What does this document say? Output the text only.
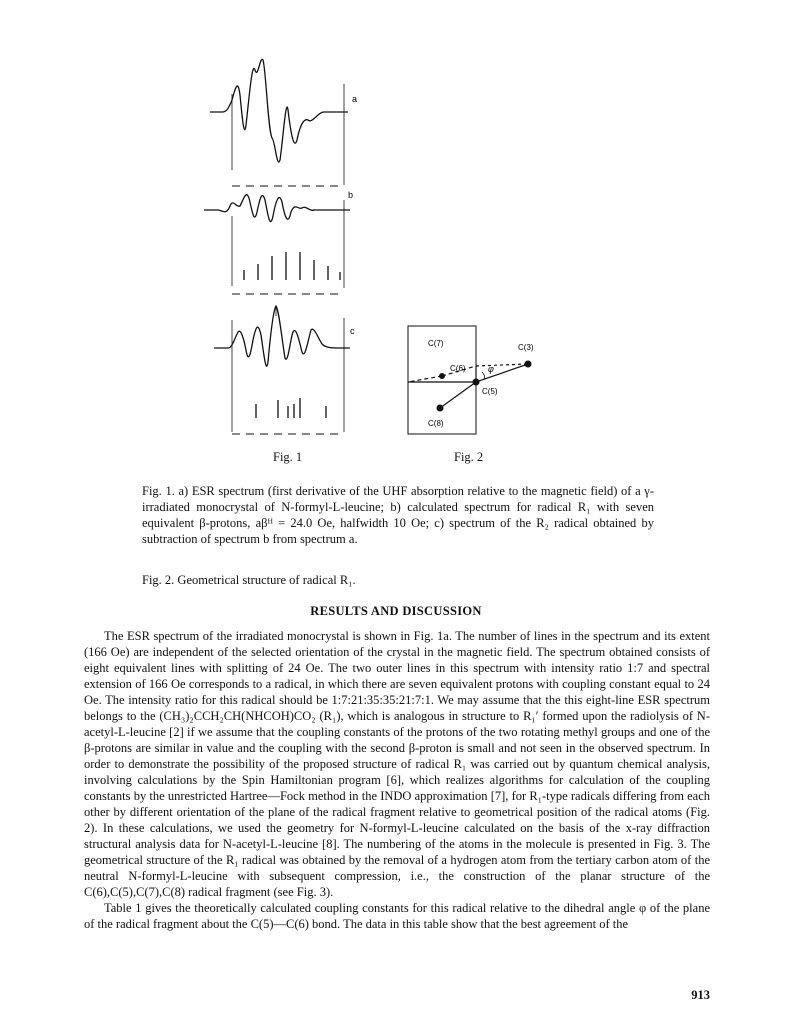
a
b
c
C(7)	C(3)
C(6)
C(5)
C(8)
φ
Fig. 1	Fig. 2
Fig. 1. a) ESR spectrum (first derivative of the UHF absorption relative to the magnetic field) of a γ-irradiated monocrystal of N-formyl-L-leucine; b) calculated spectrum for radical R₁ with seven equivalent β-protons, aβᴴ = 24.0 Oe, halfwidth 10 Oe; c) spectrum of the R₂ radical obtained by subtraction of spectrum b from spectrum a.
Fig. 2. Geometrical structure of radical R₁.
RESULTS AND DISCUSSION

The ESR spectrum of the irradiated monocrystal is shown in Fig. 1a. The number of lines in the spectrum and its extent (166 Oe) are independent of the selected orientation of the crystal in the magnetic field. The spectrum obtained consists of eight equivalent lines with splitting of 24 Oe. The two outer lines in this spectrum with intensity ratio 1:7 and spectral extension of 166 Oe corresponds to a radical, in which there are seven equivalent protons with coupling constant equal to 24 Oe. The intensity ratio for this radical should be 1:7:21:35:35:21:7:1. We may assume that the this eight-line ESR spectrum belongs to the (CH₃)₂CCH₂CH(NHCOH)CO₂ (R₁), which is analogous in structure to R₁′ formed upon the radiolysis of N-acetyl-L-leucine [2] if we assume that the coupling constants of the protons of the two rotating methyl groups and one of the β-protons are similar in value and the coupling with the second β-proton is small and not seen in the observed spectrum. In order to demonstrate the possibility of the proposed structure of radical R₁ was carried out by quantum chemical analysis, involving calculations by the Spin Hamiltonian program [6], which realizes algorithms for calculation of the coupling constants by the unrestricted Hartree—Fock method in the INDO approximation [7], for R₁-type radicals differing from each other by different orientation of the plane of the radical fragment relative to geometrical position of the radical atoms (Fig. 2). In these calculations, we used the geometry for N-formyl-L-leucine calculated on the basis of the x-ray diffraction structural analysis data for N-acetyl-L-leucine [8]. The numbering of the atoms in the molecule is presented in Fig. 3. The geometrical structure of the R₁ radical was obtained by the removal of a hydrogen atom from the tertiary carbon atom of the neutral N-formyl-L-leucine with subsequent compression, i.e., the construction of the planar structure of the C(6),C(5),C(7),C(8) radical fragment (see Fig. 3).

Table 1 gives the theoretically calculated coupling constants for this radical relative to the dihedral angle φ of the plane of the radical fragment about the C(5)—C(6) bond. The data in this table show that the best agreement of the

913
